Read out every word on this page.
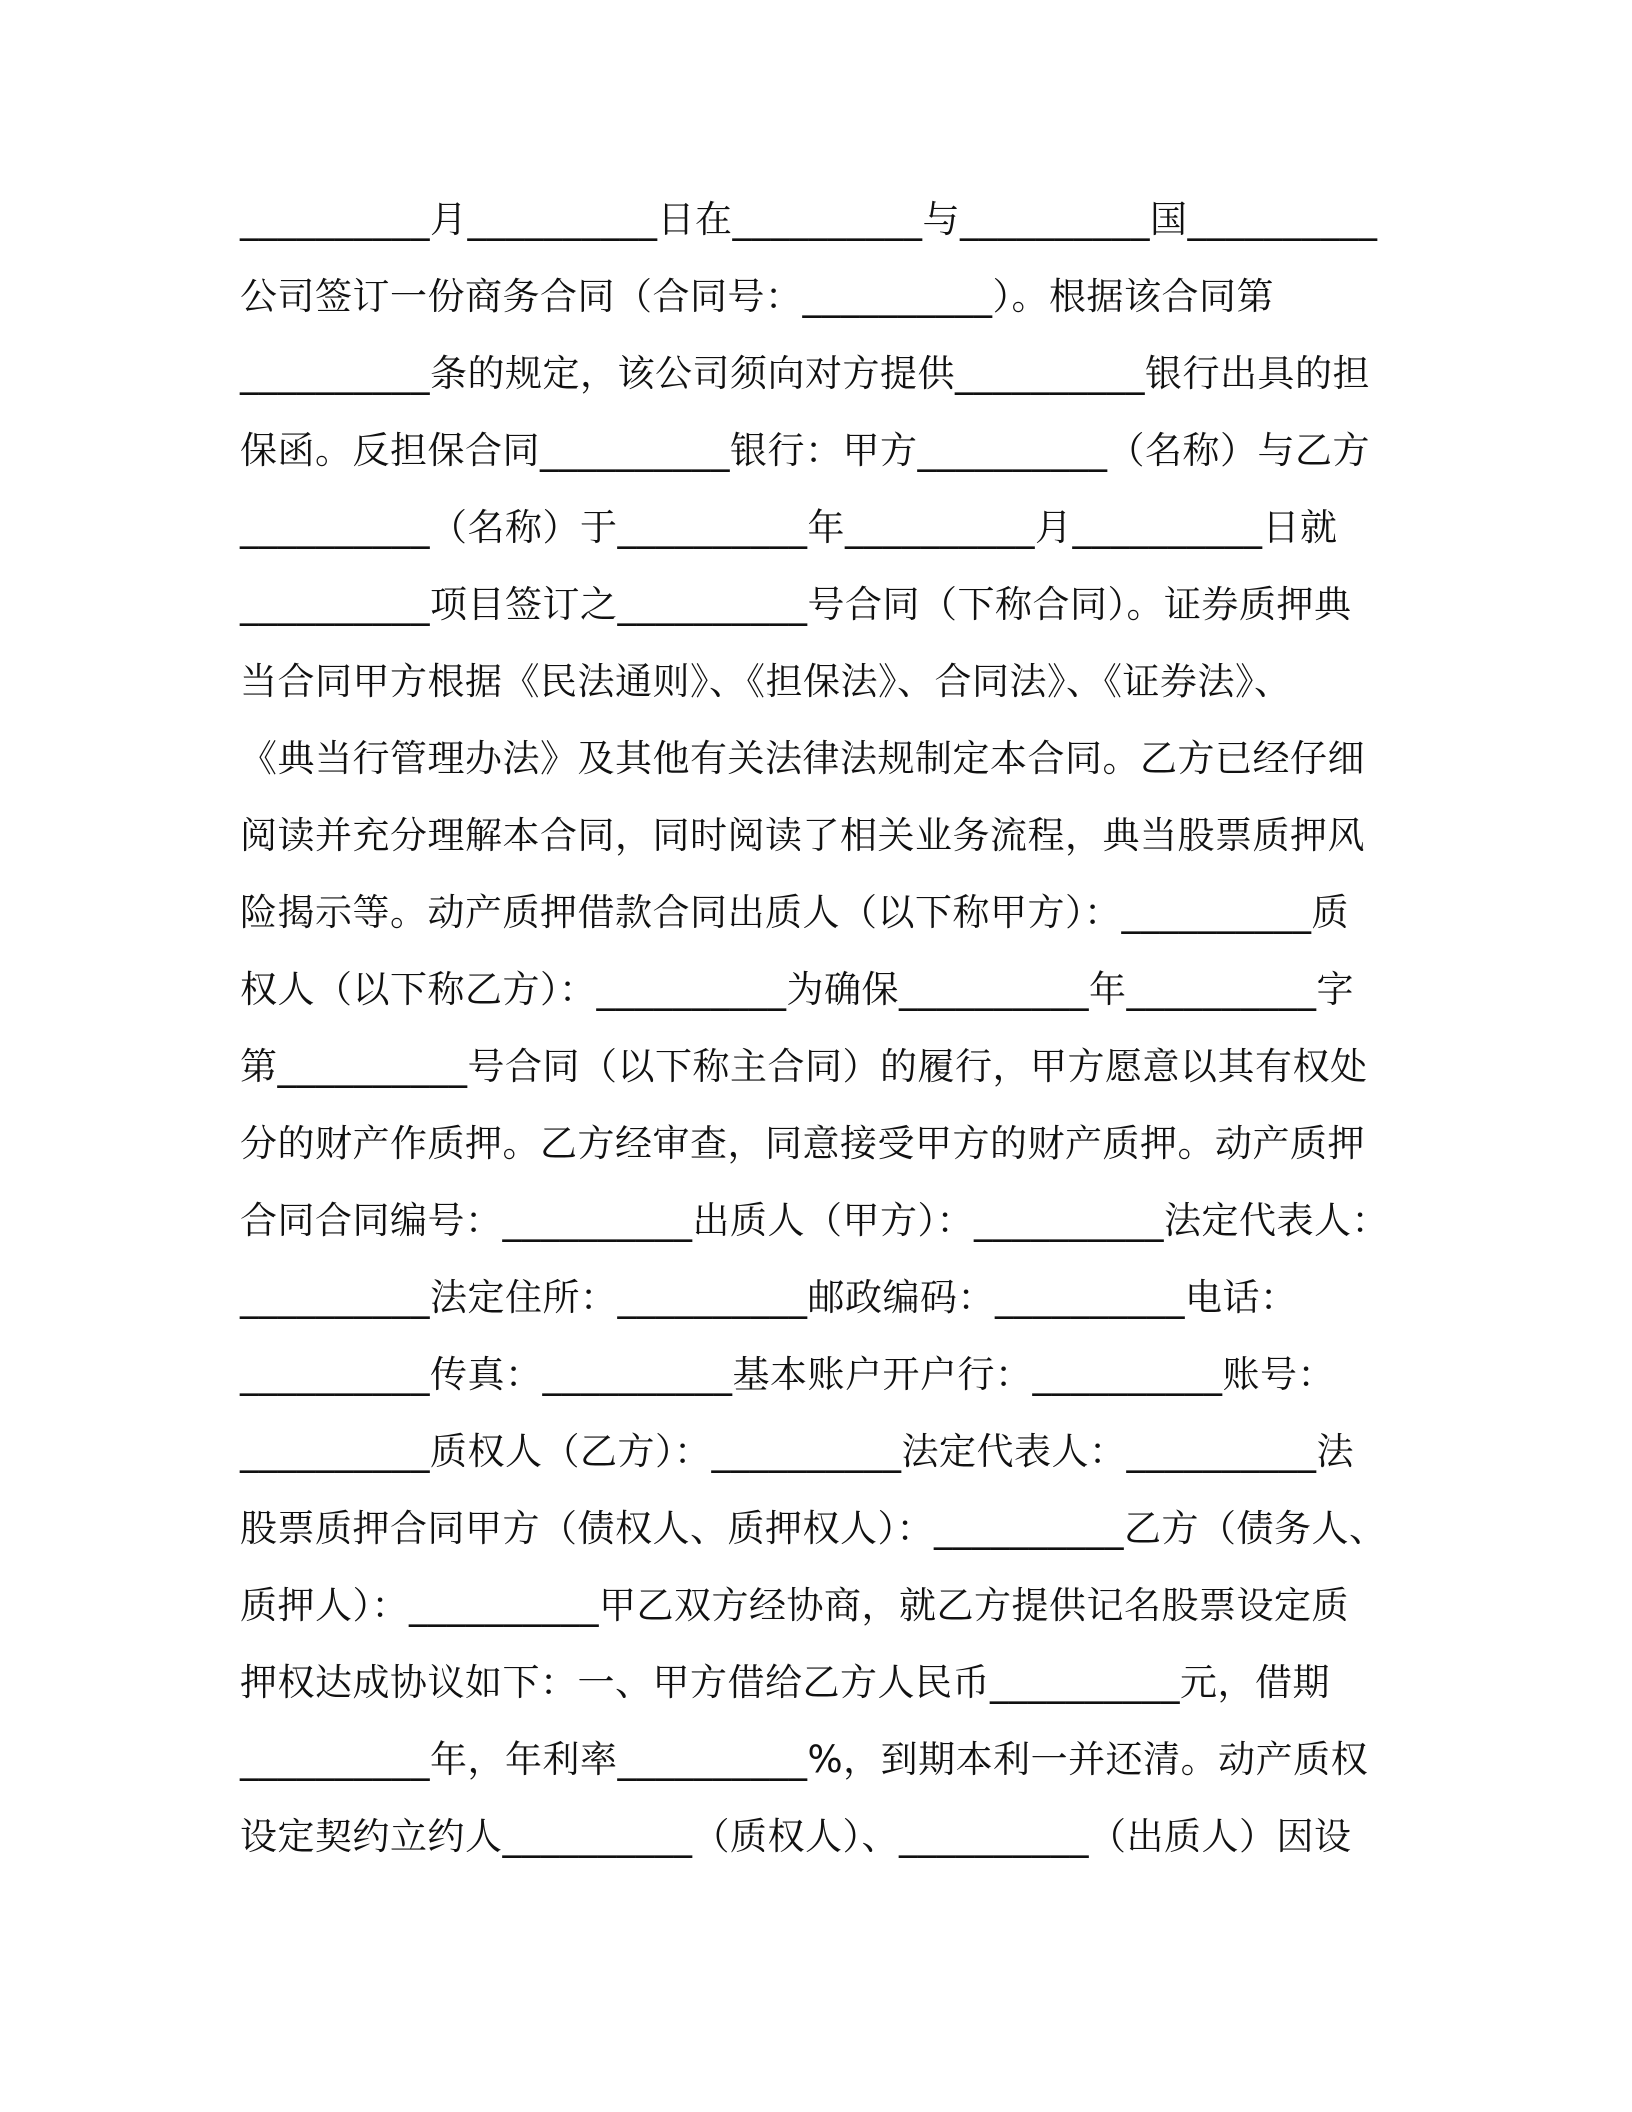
__________月__________日在__________与__________国__________
公司签订一份商务合同（合同号：__________）。根据该合同第
__________条的规定，该公司须向对方提供__________银行出具的担
保函。反担保合同__________银行：甲方__________（名称）与乙方
__________（名称）于__________年__________月__________日就
__________项目签订之__________号合同（下称合同）。证券质押典
当合同甲方根据《民法通则》、《担保法》、合同法》、《证券法》、
《典当行管理办法》及其他有关法律法规制定本合同。乙方已经仔细
阅读并充分理解本合同，同时阅读了相关业务流程，典当股票质押风
险揭示等。动产质押借款合同出质人（以下称甲方）：__________质
权人（以下称乙方）：__________为确保__________年__________字
第__________号合同（以下称主合同）的履行，甲方愿意以其有权处
分的财产作质押。乙方经审查，同意接受甲方的财产质押。动产质押
合同合同编号：__________出质人（甲方）：__________法定代表人：
__________法定住所：__________邮政编码：__________电话：
__________传真：__________基本账户开户行：__________账号：
__________质权人（乙方）：__________法定代表人：__________法
股票质押合同甲方（债权人、质押权人）：__________乙方（债务人、
质押人）：__________甲乙双方经协商，就乙方提供记名股票设定质
押权达成协议如下：一、甲方借给乙方人民币__________元，借期
__________年，年利率__________%，到期本利一并还清。动产质权
设定契约立约人__________（质权人）、__________（出质人）因设
